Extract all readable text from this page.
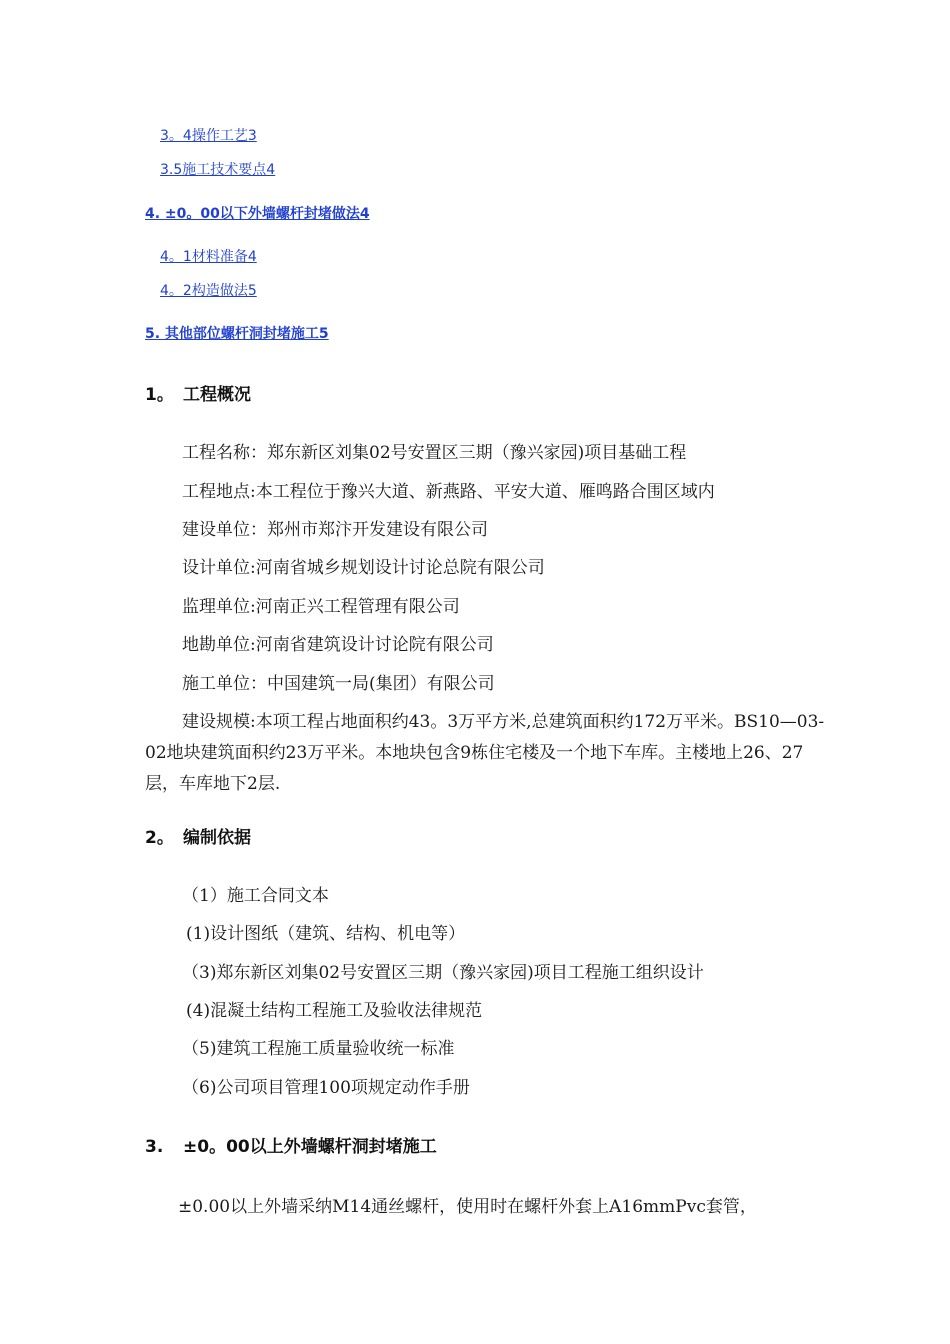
3。4操作工艺3
3.5施工技术要点4
4. ±0。00以下外墙螺杆封堵做法4
4。1材料准备4
4。2构造做法5
5. 其他部位螺杆洞封堵施工5
1。 工程概况
工程名称：郑东新区刘集02号安置区三期（豫兴家园)项目基础工程
工程地点:本工程位于豫兴大道、新燕路、平安大道、雁鸣路合围区域内
建设单位：郑州市郑汴开发建设有限公司
设计单位:河南省城乡规划设计讨论总院有限公司
监理单位:河南正兴工程管理有限公司
地勘单位:河南省建筑设计讨论院有限公司
施工单位：中国建筑一局(集团）有限公司
建设规模:本项工程占地面积约43。3万平方米,总建筑面积约172万平米。BS10—03-02地块建筑面积约23万平米。本地块包含9栋住宅楼及一个地下车库。主楼地上26、27层，车库地下2层.
2。 编制依据
（1）施工合同文本
(1)设计图纸（建筑、结构、机电等）
（3)郑东新区刘集02号安置区三期（豫兴家园)项目工程施工组织设计
(4)混凝土结构工程施工及验收法律规范
（5)建筑工程施工质量验收统一标准
（6)公司项目管理100项规定动作手册
3. ±0。00以上外墙螺杆洞封堵施工
±0.00以上外墙采纳M14通丝螺杆，使用时在螺杆外套上A16mmPvc套管，
